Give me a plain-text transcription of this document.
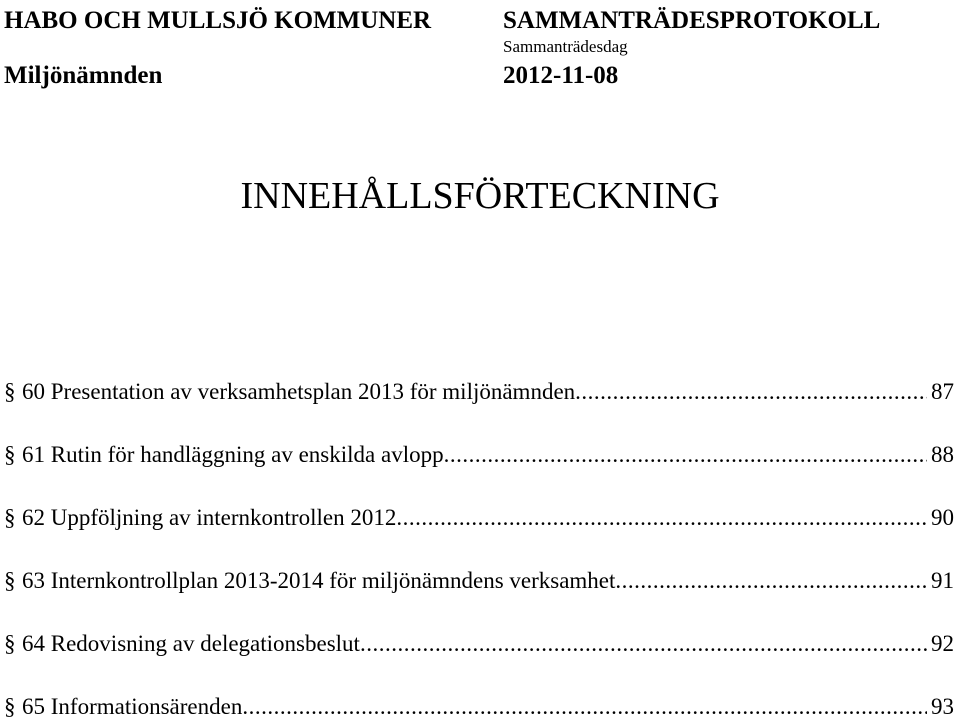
HABO OCH MULLSJÖ KOMMUNER	SAMMANTRÄDESPROTOKOLL
Sammanträdesdag
Miljönämnden	2012-11-08
INNEHÅLLSFÖRTECKNING
§ 60 Presentation av verksamhetsplan 2013 för miljönämnden .....	87
§ 61 Rutin för handläggning av enskilda avlopp .....	88
§ 62 Uppföljning av internkontrollen 2012 .....	90
§ 63 Internkontrollplan 2013-2014 för miljönämndens verksamhet .....	91
§ 64 Redovisning av delegationsbeslut .....	92
§ 65 Informationsärenden .....	93
